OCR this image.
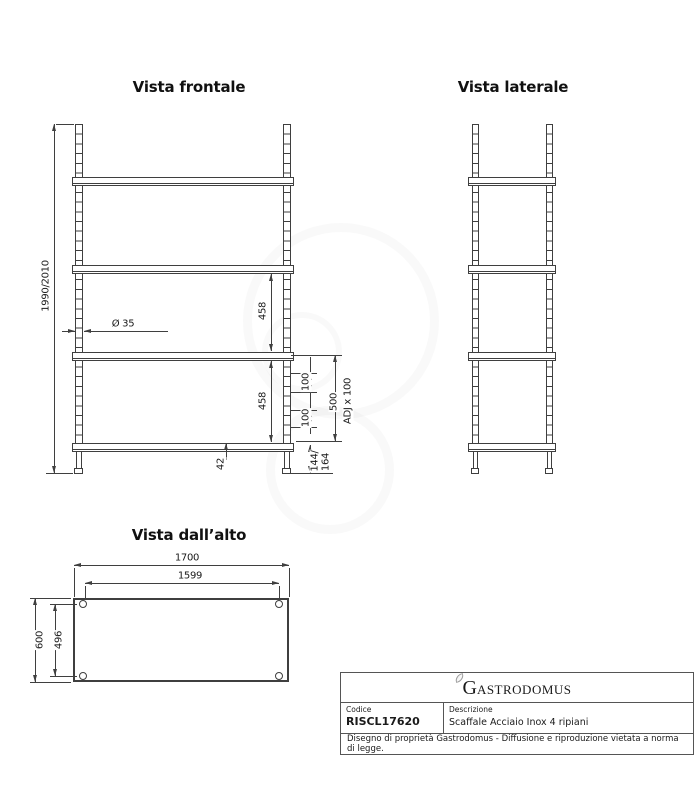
Vista frontale
1990/2010
Ø 35
458
458
100
100
500 ADJ x 100
144/ 164
42
Vista laterale
Vista dall’alto
1700
1599
600 496
G ASTRODOMUS
Codice
RISCL17620
Descrizione
Scaffale Acciaio Inox 4 ripiani
Disegno di proprietà Gastrodomus - Diffusione e riproduzione vietata a norma di legge.
